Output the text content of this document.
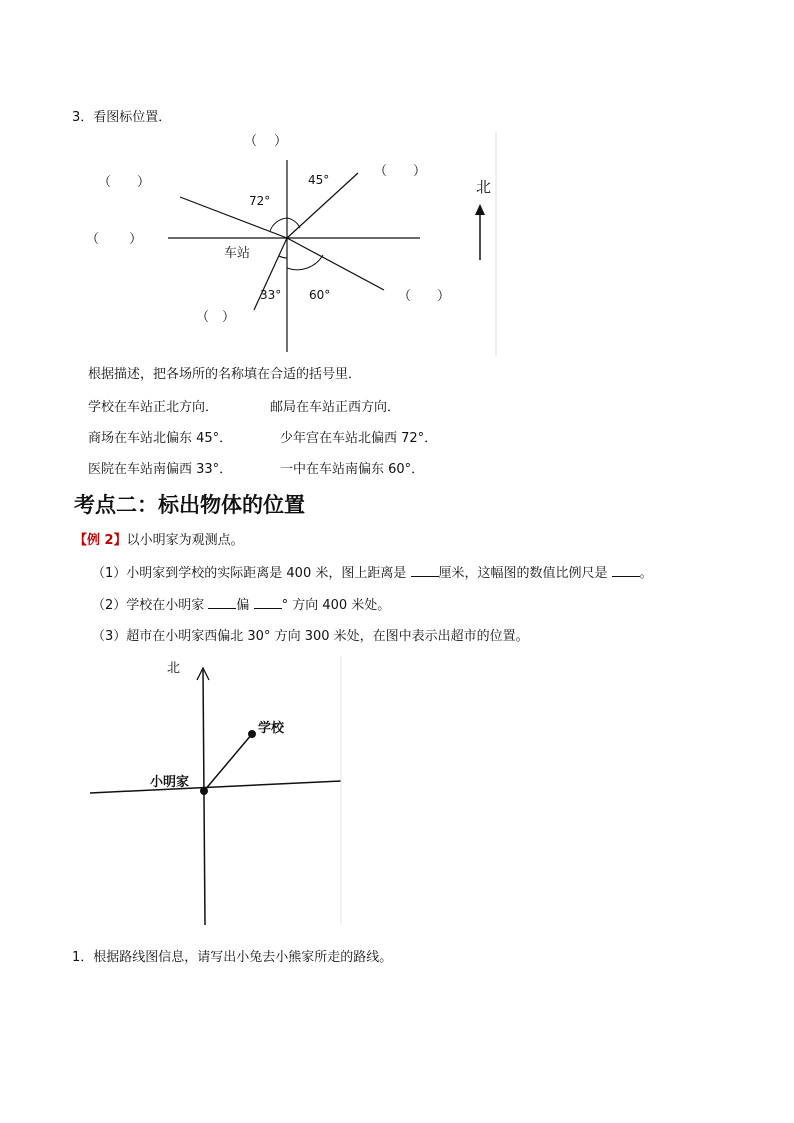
3．看图标位置．
北
45°
72°
车站
33° 60°
（　 ）
（　　）
（　　）
（　　 ）
（　　）
（　）
根据描述，把各场所的名称填在合适的括号里．
学校在车站正北方向．	邮局在车站正西方向．
商场在车站北偏东 45°．	少年宫在车站北偏西 72°．
医院在车站南偏西 33°．	一中在车站南偏东 60°．
考点二：标出物体的位置
【例 2】以小明家为观测点。
（1）小明家到学校的实际距离是 400 米，图上距离是 厘米，这幅图的数值比例尺是 。
（2）学校在小明家 偏 ° 方向 400 米处。
（3）超市在小明家西偏北 30° 方向 300 米处，在图中表示出超市的位置。
北
学校
小明家
1．根据路线图信息，请写出小兔去小熊家所走的路线。
